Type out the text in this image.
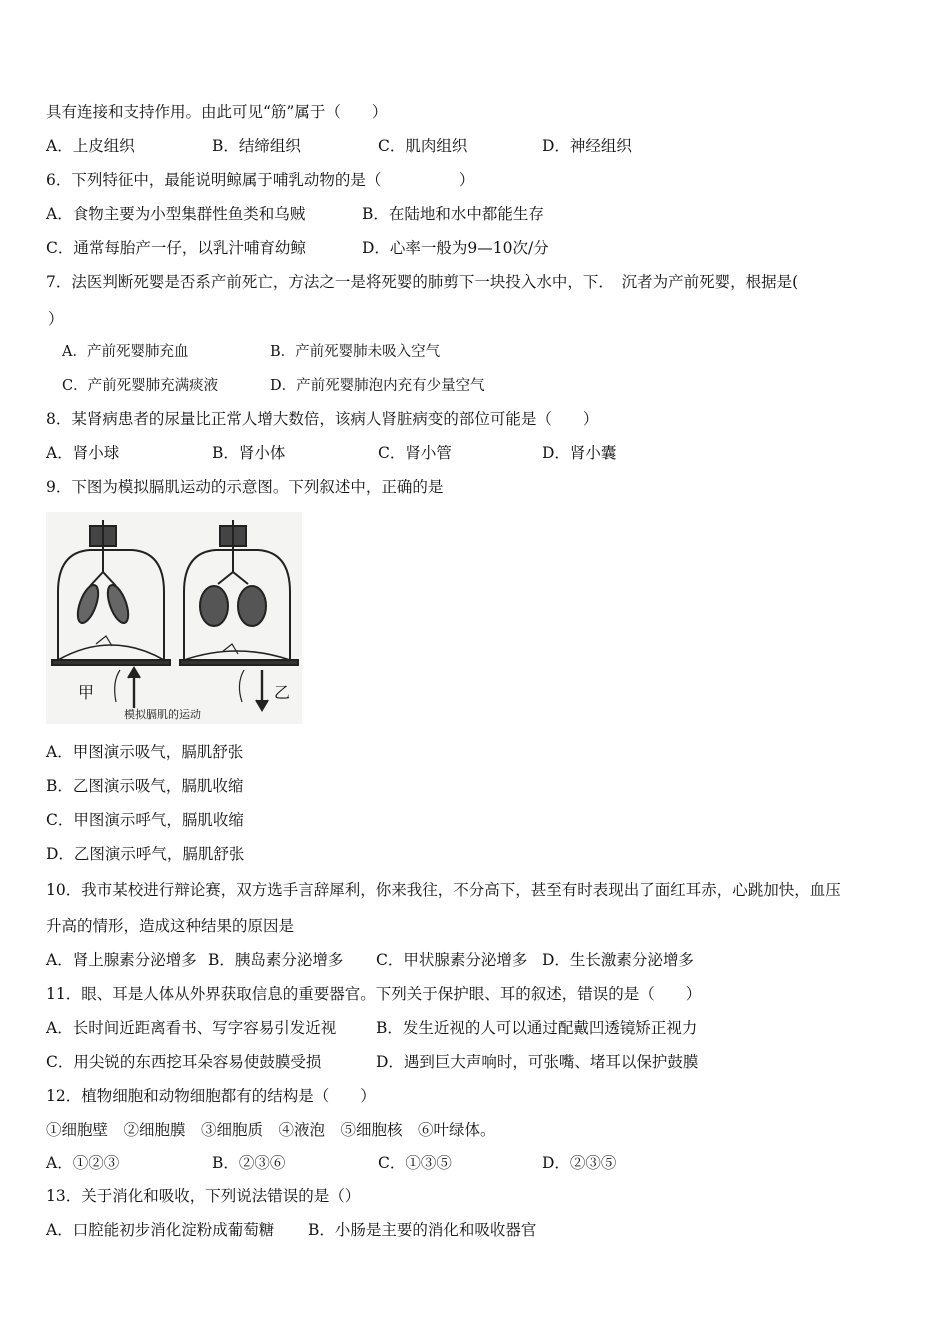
具有连接和支持作用。由此可见“筋”属于（　　）
A．上皮组织	B．结缔组织	C．肌肉组织	D．神经组织
6．下列特征中，最能说明鲸属于哺乳动物的是（　　　　　）
A．食物主要为小型集群性鱼类和乌贼	B．在陆地和水中都能生存
C．通常每胎产一仔，以乳汁哺育幼鲸	D．心率一般为9—10次/分
7．法医判断死婴是否系产前死亡，方法之一是将死婴的肺剪下一块投入水中，下．　沉者为产前死婴，根据是(
）
A．产前死婴肺充血	B．产前死婴肺未吸入空气
C．产前死婴肺充满痰液	D．产前死婴肺泡内充有少量空气
8．某肾病患者的尿量比正常人增大数倍，该病人肾脏病变的部位可能是（　　）
A．肾小球	B．肾小体	C．肾小管	D．肾小囊
9．下图为模拟膈肌运动的示意图。下列叙述中，正确的是
甲	乙
模拟膈肌的运动
A．甲图演示吸气，膈肌舒张
B．乙图演示吸气，膈肌收缩
C．甲图演示呼气，膈肌收缩
D．乙图演示呼气，膈肌舒张
10．我市某校进行辩论赛，双方选手言辞犀利，你来我往，不分高下，甚至有时表现出了面红耳赤，心跳加快，血压
升高的情形，造成这种结果的原因是
A．肾上腺素分泌增多 B．胰岛素分泌增多 C．甲状腺素分泌增多 D．生长激素分泌增多
11．眼、耳是人体从外界获取信息的重要器官。下列关于保护眼、耳的叙述，错误的是（　　）
A．长时间近距离看书、写字容易引发近视	B．发生近视的人可以通过配戴凹透镜矫正视力
C．用尖锐的东西挖耳朵容易使鼓膜受损	D．遇到巨大声响时，可张嘴、堵耳以保护鼓膜
12．植物细胞和动物细胞都有的结构是（　　）
①细胞壁　②细胞膜　③细胞质　④液泡　⑤细胞核　⑥叶绿体。
A．①②③	B．②③⑥	C．①③⑤	D．②③⑤
13．关于消化和吸收，下列说法错误的是（）
A．口腔能初步消化淀粉成葡萄糖 B．小肠是主要的消化和吸收器官
